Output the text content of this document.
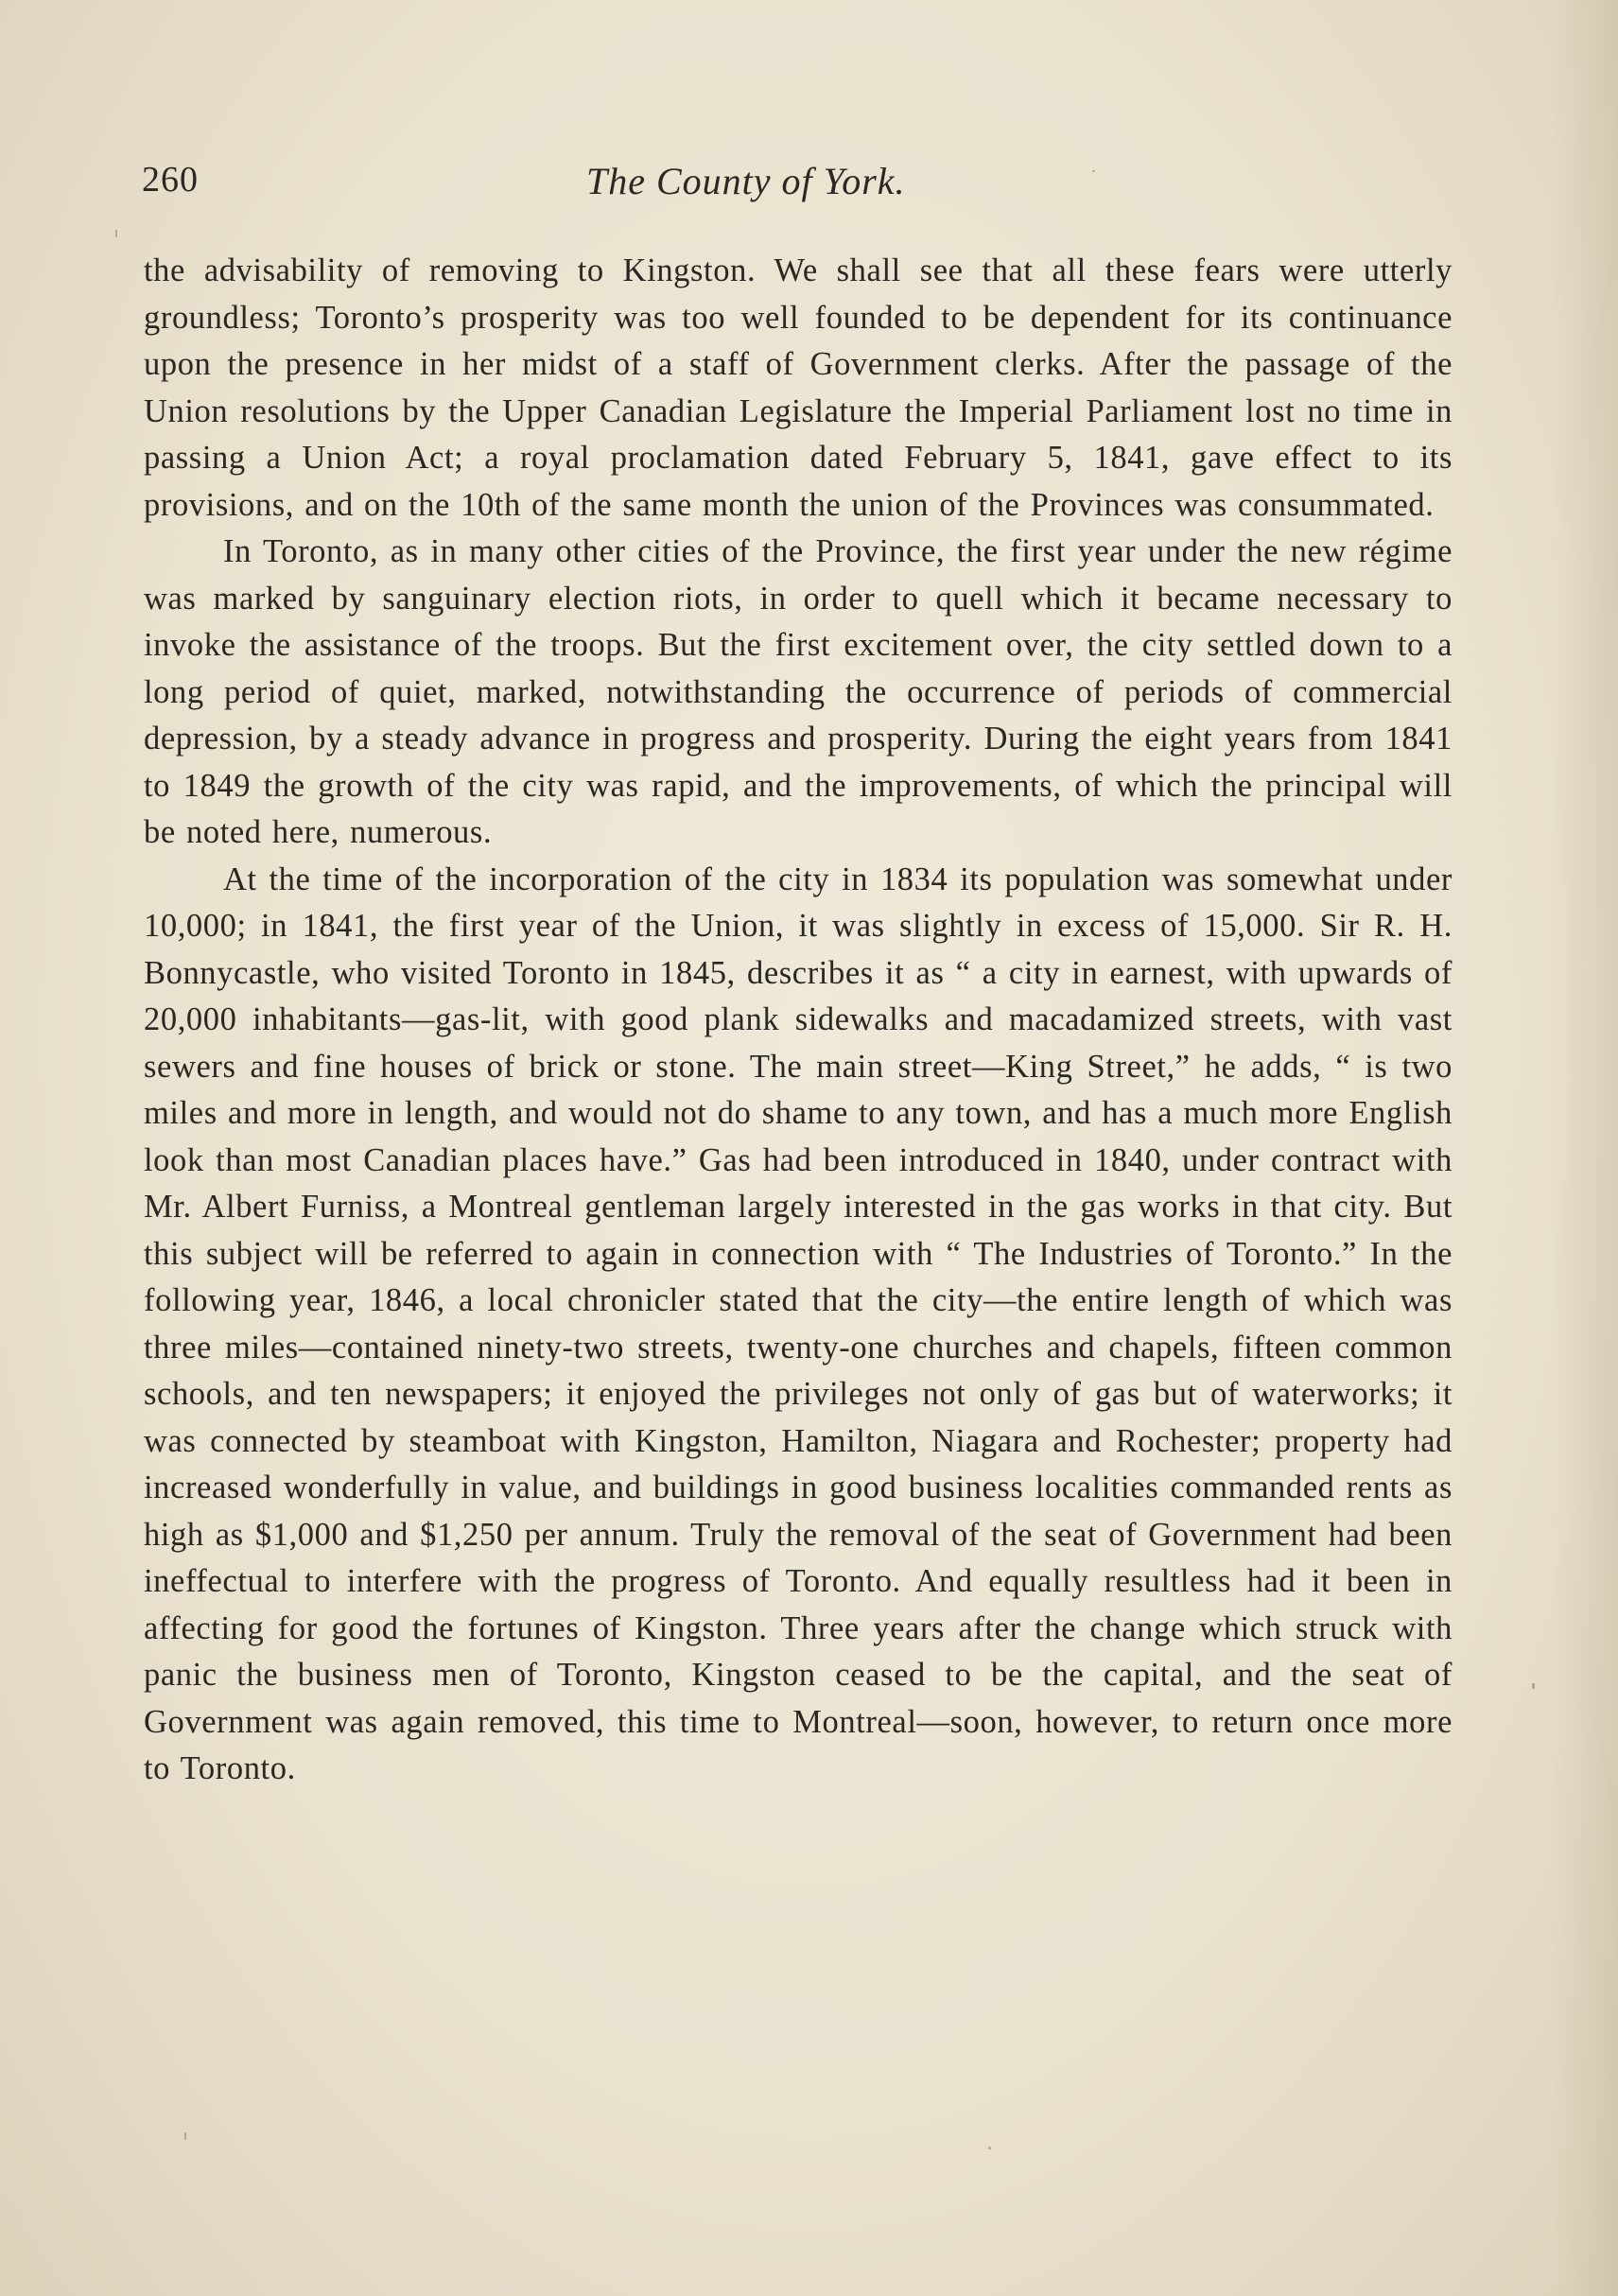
260	The County of York.

the advisability of removing to Kingston. We shall see that all these fears were utterly groundless; Toronto’s prosperity was too well founded to be dependent for its continuance upon the presence in her midst of a staff of Government clerks. After the passage of the Union resolutions by the Upper Canadian Legislature the Imperial Parliament lost no time in passing a Union Act; a royal proclamation dated February 5, 1841, gave effect to its provisions, and on the 10th of the same month the union of the Provinces was consummated.

In Toronto, as in many other cities of the Province, the first year under the new régime was marked by sanguinary election riots, in order to quell which it became necessary to invoke the assistance of the troops. But the first excitement over, the city settled down to a long period of quiet, marked, notwithstanding the occurrence of periods of commercial depression, by a steady advance in progress and prosperity. During the eight years from 1841 to 1849 the growth of the city was rapid, and the improvements, of which the principal will be noted here, numerous.

At the time of the incorporation of the city in 1834 its population was somewhat under 10,000; in 1841, the first year of the Union, it was slightly in excess of 15,000. Sir R. H. Bonnycastle, who visited Toronto in 1845, describes it as “ a city in earnest, with upwards of 20,000 inhabitants—gas-lit, with good plank sidewalks and macadamized streets, with vast sewers and fine houses of brick or stone. The main street—King Street,” he adds, “ is two miles and more in length, and would not do shame to any town, and has a much more English look than most Canadian places have.” Gas had been introduced in 1840, under contract with Mr. Albert Furniss, a Montreal gentleman largely interested in the gas works in that city. But this subject will be referred to again in connection with “ The Industries of Toronto.” In the following year, 1846, a local chronicler stated that the city—the entire length of which was three miles—contained ninety-two streets, twenty-one churches and chapels, fifteen common schools, and ten newspapers; it enjoyed the privileges not only of gas but of waterworks; it was connected by steamboat with Kingston, Hamilton, Niagara and Rochester; property had increased wonderfully in value, and buildings in good business localities commanded rents as high as $1,000 and $1,250 per annum. Truly the removal of the seat of Government had been ineffectual to interfere with the progress of Toronto. And equally resultless had it been in affecting for good the fortunes of Kingston. Three years after the change which struck with panic the business men of Toronto, Kingston ceased to be the capital, and the seat of Government was again removed, this time to Montreal—soon, however, to return once more to Toronto.
